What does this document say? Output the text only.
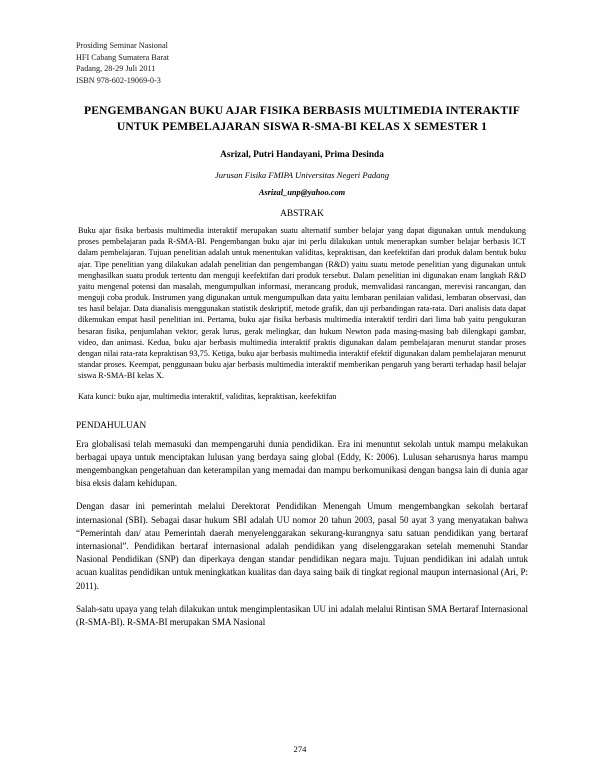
Prosiding Seminar Nasional
HFI Cabang Sumatera Barat
Padang, 28-29 Juli 2011
ISBN 978-602-19069-0-3
PENGEMBANGAN BUKU AJAR FISIKA BERBASIS MULTIMEDIA INTERAKTIF UNTUK PEMBELAJARAN SISWA R-SMA-BI KELAS X SEMESTER 1
Asrizal, Putri Handayani, Prima Desinda
Jurusan Fisika FMIPA Universitas Negeri Padang
Asrizal_unp@yahoo.com
ABSTRAK
Buku ajar fisika berbasis multimedia interaktif merupakan suatu alternatif sumber belajar yang dapat digunakan untuk mendukung proses pembelajaran pada R-SMA-BI. Pengembangan buku ajar ini perlu dilakukan untuk menerapkan sumber belajar berbasis ICT dalam pembelajaran. Tujuan penelitian adalah untuk menentukan validitas, kepraktisan, dan keefektifan dari produk dalam bentuk buku ajar. Tipe penelitian yang dilakukan adalah penelitian dan pengembangan (R&D) yaitu suatu metode penelitian yang digunakan untuk menghasilkan suatu produk tertentu dan menguji keefektifan dari produk tersebut. Dalam penelitian ini digunakan enam langkah R&D yaitu mengenal potensi dan masalah, mengumpulkan informasi, merancang produk, memvalidasi rancangan, merevisi rancangan, dan menguji coba produk. Instrumen yang digunakan untuk mengumpulkan data yaitu lembaran penilaian validasi, lembaran observasi, dan tes hasil belajar. Data dianalisis menggunakan statistik deskriptif, metode grafik, dan uji perbandingan rata-rata. Dari analisis data dapat dikemukan empat hasil penelitian ini. Pertama, buku ajar fisika berbasis multimedia interaktif terdiri dari lima bab yaitu pengukuran besaran fisika, penjumlahan vektor, gerak lurus, gerak melingkar, dan hukum Newton pada masing-masing bab dilengkapi gambar, video, dan animasi. Kedua, buku ajar berbasis multimedia interaktif praktis digunakan dalam pembelajaran menurut standar proses dengan nilai rata-rata kepraktisan 93,75. Ketiga, buku ajar berbasis multimedia interaktif efektif digunakan dalam pembelajaran menurut standar proses. Keempat, penggunaan buku ajar berbasis multimedia interaktif memberikan pengaruh yang berarti terhadap hasil belajar siswa R-SMA-BI kelas X.
Kata kunci: buku ajar, multimedia interaktif, validitas, kepraktisan, keefektifan
PENDAHULUAN
Era globalisasi telah memasuki dan mempengaruhi dunia pendidikan. Era ini menuntut sekolah untuk mampu melakukan berbagai upaya untuk menciptakan lulusan yang berdaya saing global (Eddy, K: 2006). Lulusan seharusnya harus mampu mengembangkan pengetahuan dan keterampilan yang memadai dan mampu berkomunikasi dengan bangsa lain di dunia agar bisa eksis dalam kehidupan.
Dengan dasar ini pemerintah melalui Derektorat Pendidikan Menengah Umum mengembangkan sekolah bertaraf internasional (SBI). Sebagai dasar hukum SBI adalah UU nomor 20 tahun 2003, pasal 50 ayat 3 yang menyatakan bahwa “Pemerintah dan/ atau Pemerintah daerah menyelenggarakan sekurang-kurangnya satu satuan pendidikan yang bertaraf internasional”. Pendidikan bertaraf internasional adalah pendidikan yang diselenggarakan setelah memenuhi Standar Nasional Pendidikan (SNP) dan diperkaya dengan standar pendidikan negara maju. Tujuan pendidikan ini adalah untuk acuan kualitas pendidikan untuk meningkatkan kualitas dan daya saing baik di tingkat regional maupun internasional (Ari, P: 2011).
Salah-satu upaya yang telah dilakukan untuk mengimplentasikan UU ini adalah melalui Rintisan SMA Bertaraf Internasional (R-SMA-BI). R-SMA-BI merupakan SMA Nasional
274
